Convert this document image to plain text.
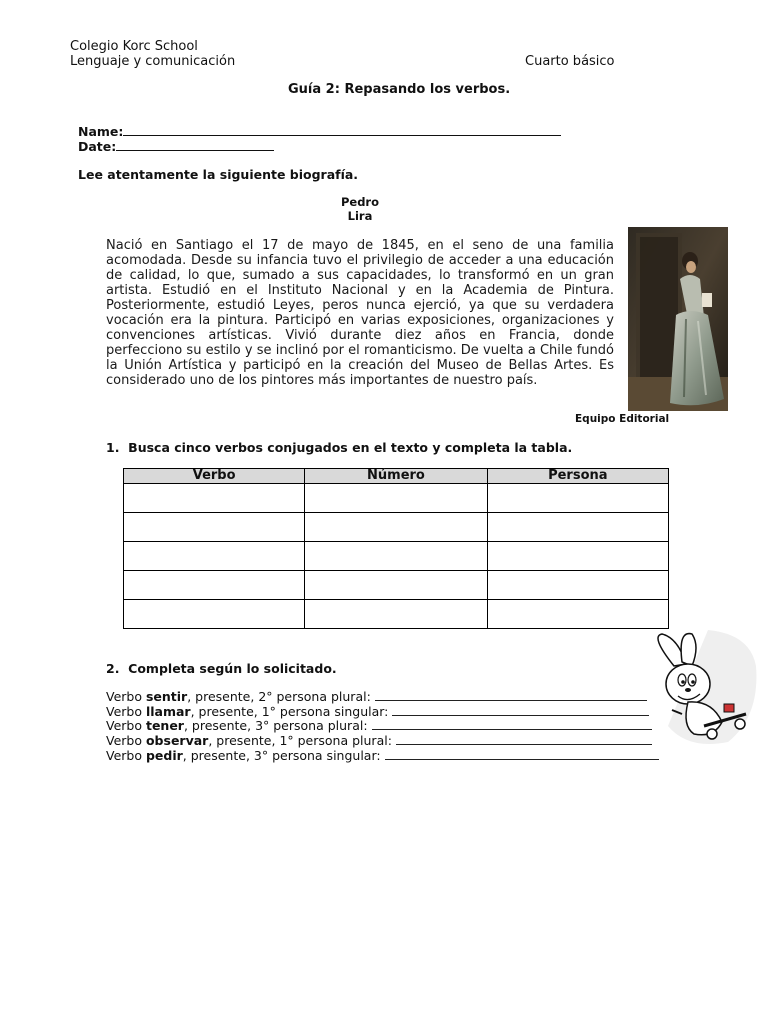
Colegio Korc School
Lenguaje y comunicación	Cuarto básico
Guía 2: Repasando los verbos.
Name:
Date:
Lee atentamente la siguiente biografía.
Pedro
Lira
Nació en Santiago el 17 de mayo de 1845, en el seno de una familia acomodada. Desde su infancia tuvo el privilegio de acceder a una educación de calidad, lo que, sumado a sus capacidades, lo transformó en un gran artista. Estudió en el Instituto Nacional y en la Academia de Pintura. Posteriormente, estudió Leyes, peros nunca ejerció, ya que su verdadera vocación era la pintura. Participó en varias exposiciones, organizaciones y convenciones artísticas. Vivió durante diez años en Francia, donde perfecciono su estilo y se inclinó por el romanticismo. De vuelta a Chile fundó la Unión Artística y participó en la creación del Museo de Bellas Artes. Es considerado uno de los pintores más importantes de nuestro país.
Equipo Editorial
1. Busca cinco verbos conjugados en el texto y completa la tabla.
Verbo	Número	Persona

2. Completa según lo solicitado.
Verbo sentir, presente, 2° persona plural:
Verbo llamar, presente, 1° persona singular:
Verbo tener, presente, 3° persona plural:
Verbo observar, presente, 1° persona plural:
Verbo pedir, presente, 3° persona singular:
